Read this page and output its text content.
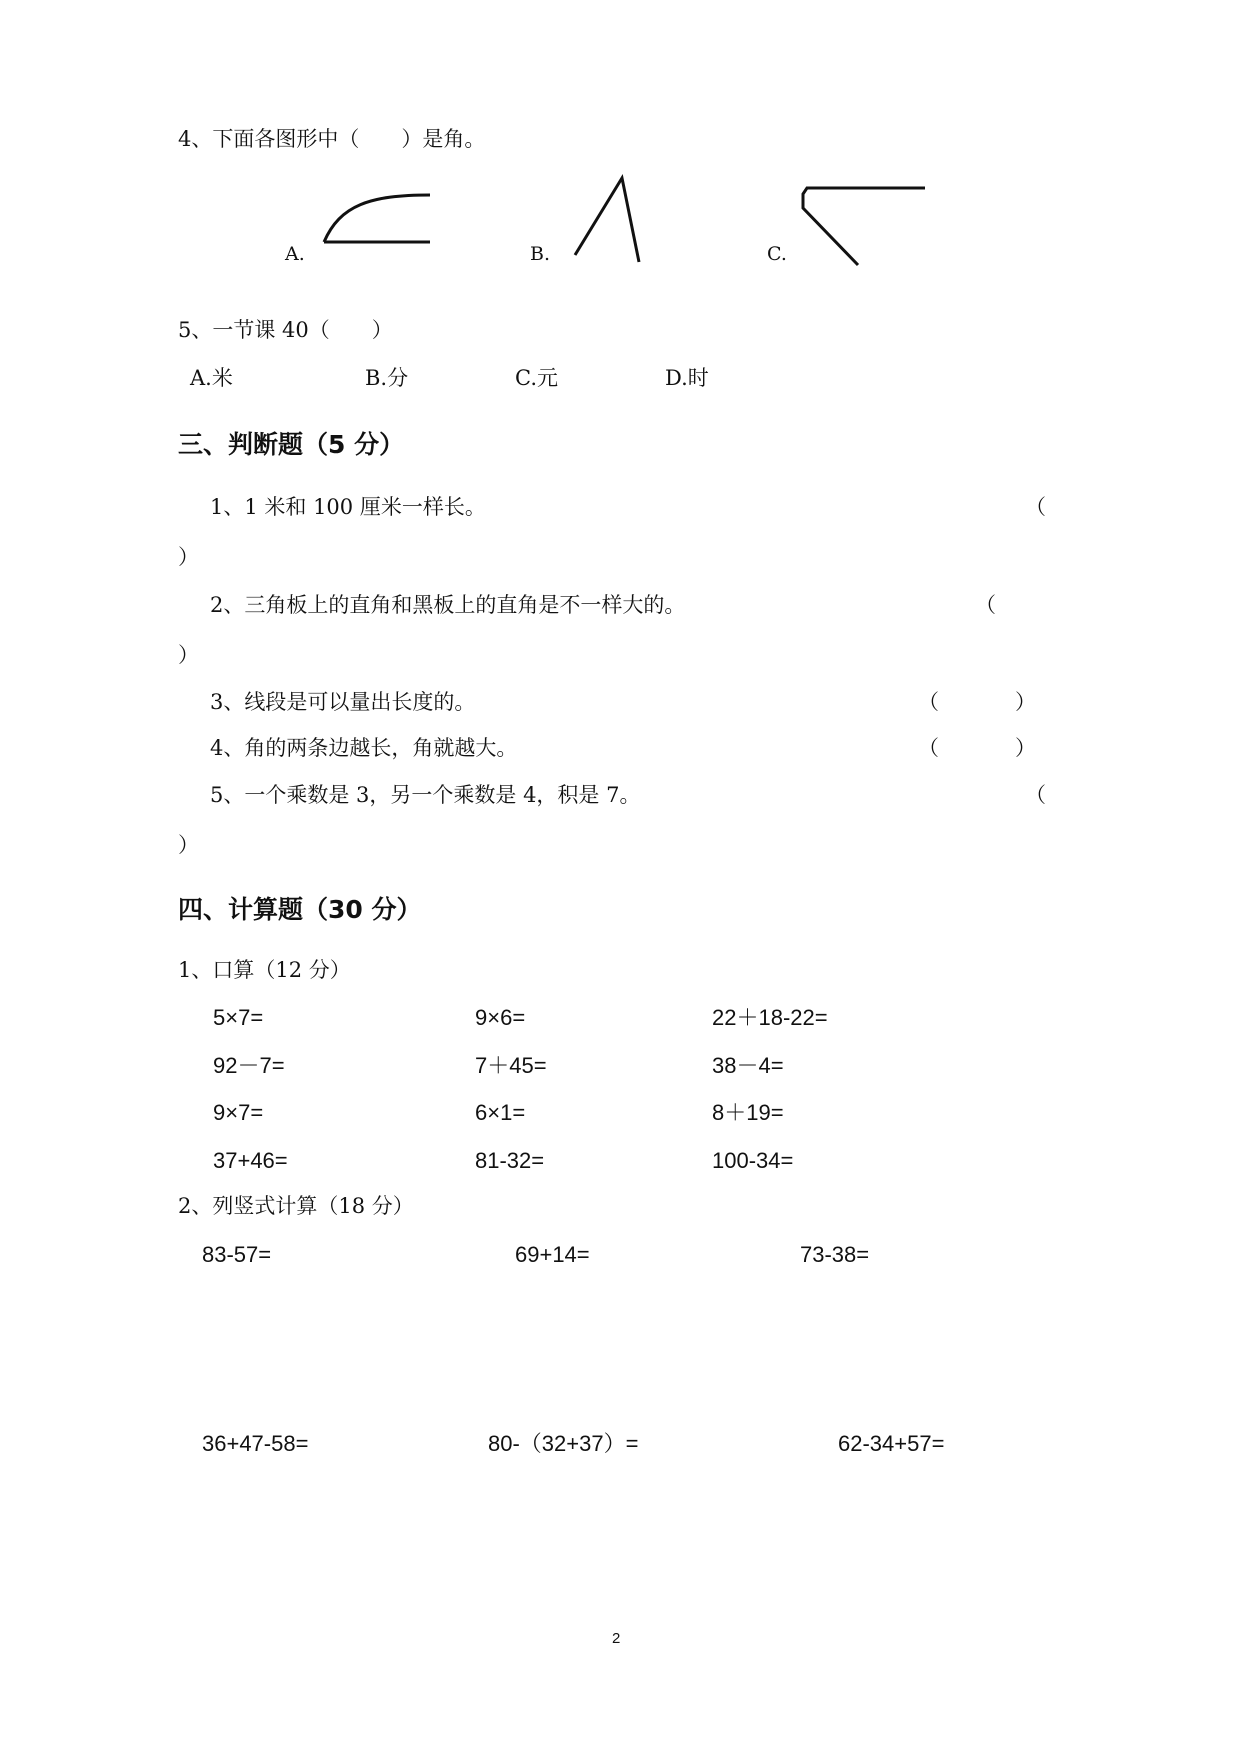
4、下面各图形中（　　）是角。
A.	B.	C.
5、一节课 40（　　）
A.米	B.分	C.元	D.时
三、判断题（5 分）
1、1 米和 100 厘米一样长。	（
）
2、三角板上的直角和黑板上的直角是不一样大的。	（
）
3、线段是可以量出长度的。	（	）
4、角的两条边越长，角就越大。	（	）
5、一个乘数是 3，另一个乘数是 4，积是 7。	（
）
四、计算题（30 分）
1、口算（12 分）
5×7=	9×6=	22＋18-22=
92－7=	7＋45=	38－4=
9×7=	6×1=	8＋19=
37+46=	81-32=	100-34=
2、列竖式计算（18 分）
83-57=	69+14=	73-38=
36+47-58=	80-（32+37）=	62-34+57=
2
